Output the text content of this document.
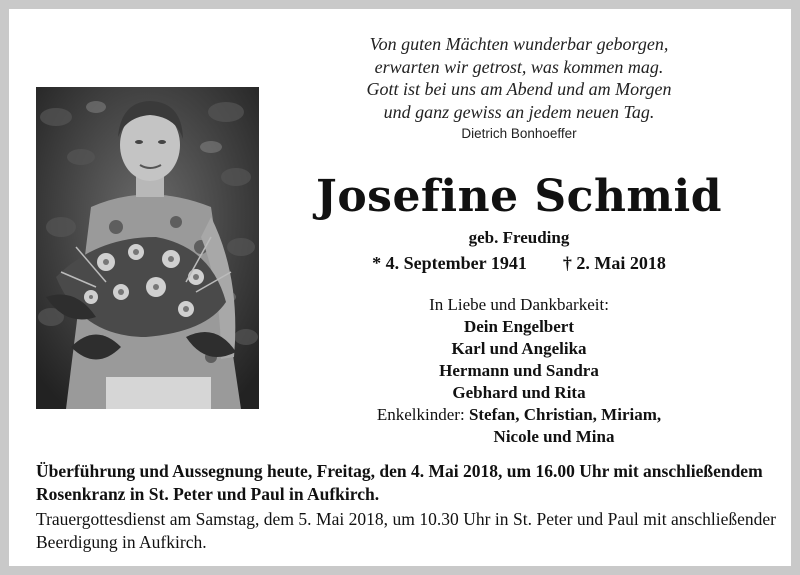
Von guten Mächten wunderbar geborgen,
erwarten wir getrost, was kommen mag.
Gott ist bei uns am Abend und am Morgen
und ganz gewiss an jedem neuen Tag.
Dietrich Bonhoeffer
Josefine Schmid
geb. Freuding
* 4. September 1941 † 2. Mai 2018
In Liebe und Dankbarkeit:
Dein Engelbert
Karl und Angelika
Hermann und Sandra
Gebhard und Rita
Enkelkinder: Stefan, Christian, Miriam,
Nicole und Mina
Überführung und Aussegnung heute, Freitag, den 4. Mai 2018, um 16.00 Uhr mit anschließendem Rosenkranz in St. Peter und Paul in Aufkirch.
Trauergottesdienst am Samstag, dem 5. Mai 2018, um 10.30 Uhr in St. Peter und Paul mit anschließender Beerdigung in Aufkirch.
